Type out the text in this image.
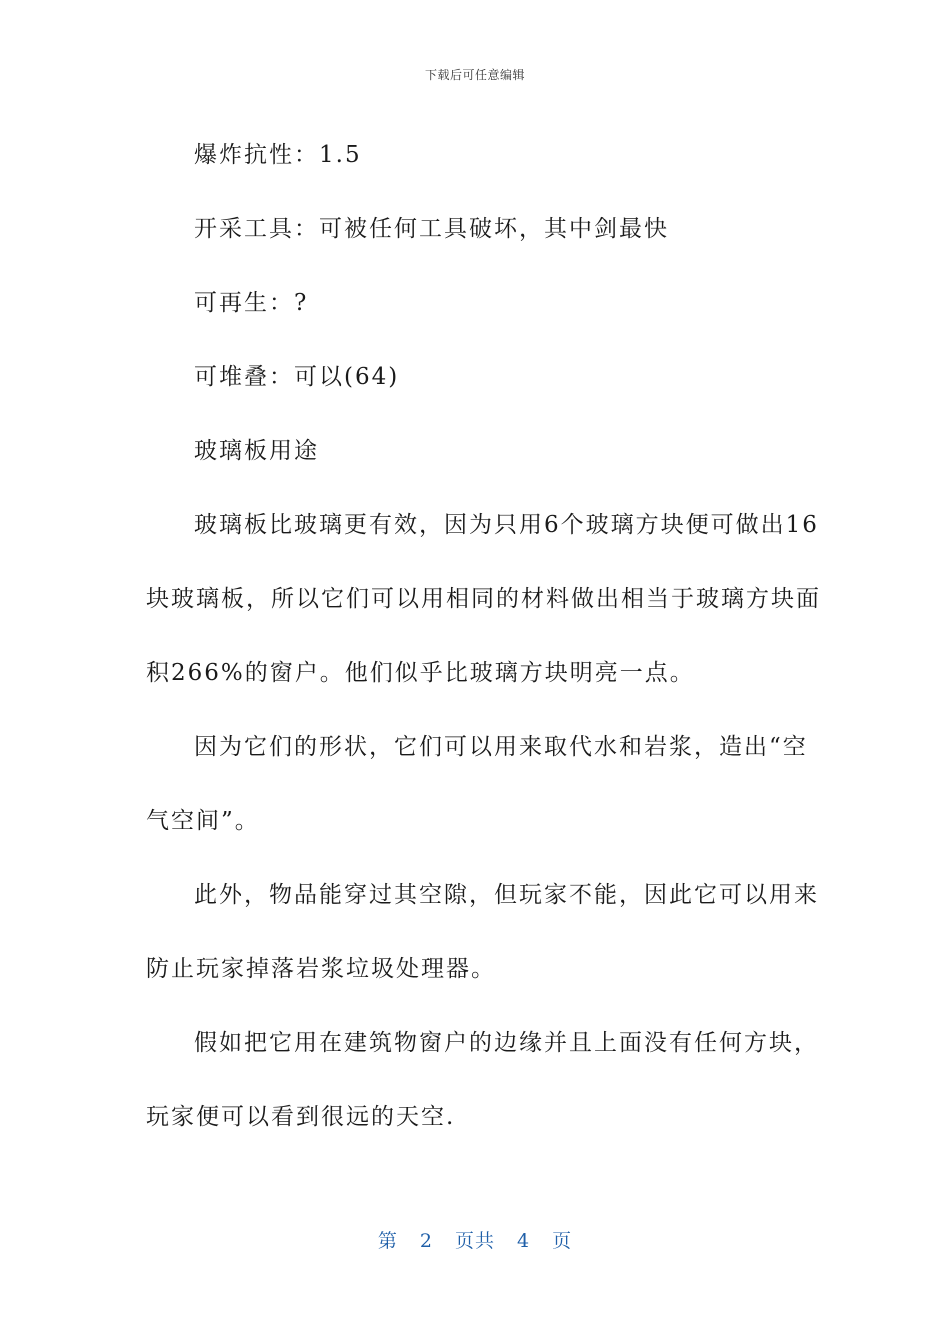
下载后可任意编辑
爆炸抗性：1.5
开采工具：可被任何工具破坏，其中剑最快
可再生：?
可堆叠：可以(64)
玻璃板用途
玻璃板比玻璃更有效，因为只用6个玻璃方块便可做出16
块玻璃板，所以它们可以用相同的材料做出相当于玻璃方块面
积266%的窗户。他们似乎比玻璃方块明亮一点。
因为它们的形状，它们可以用来取代水和岩浆，造出“空
气空间”。
此外，物品能穿过其空隙，但玩家不能，因此它可以用来
防止玩家掉落岩浆垃圾处理器。
假如把它用在建筑物窗户的边缘并且上面没有任何方块，
玩家便可以看到很远的天空.
第 2 页共 4 页
